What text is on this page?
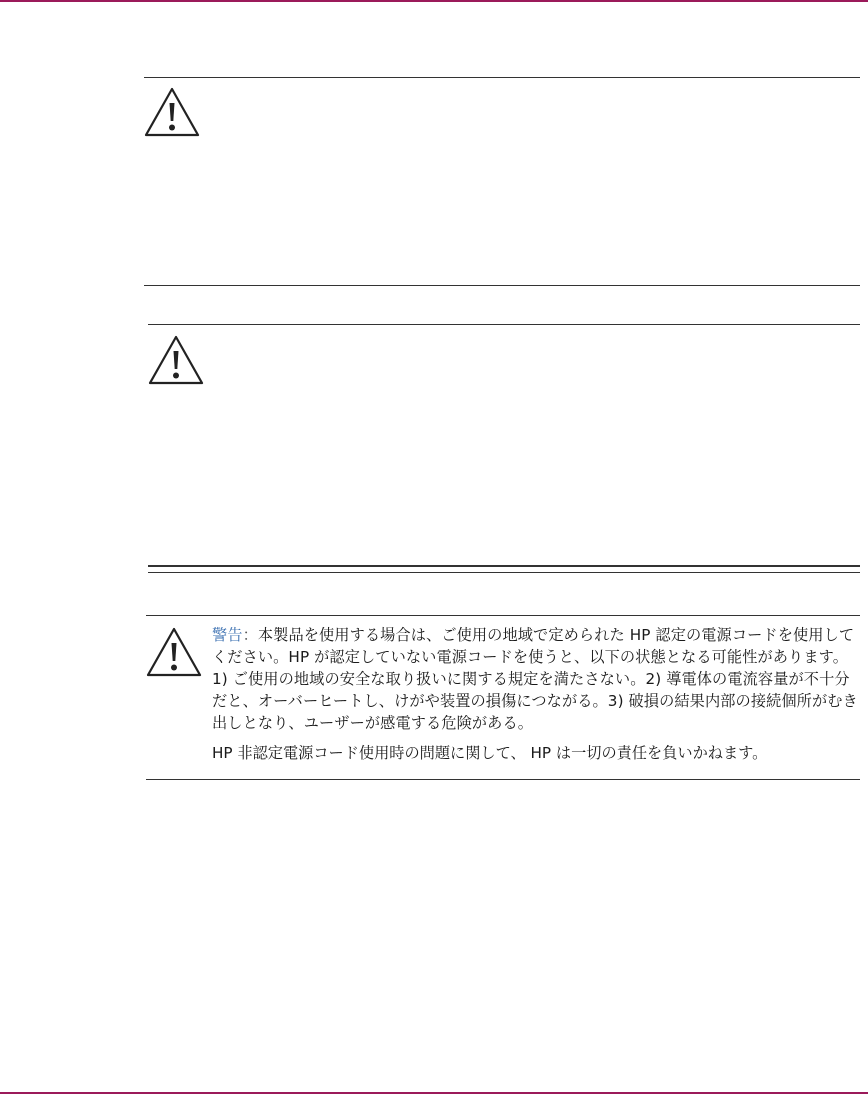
警告：本製品を使用する場合は、ご使用の地域で定められた HP 認定の電源コードを使用してください。HP が認定していない電源コードを使うと、以下の状態となる可能性があります。 1) ご使用の地域の安全な取り扱いに関する規定を満たさない。2) 導電体の電流容量が不十分だと、オーバーヒートし、けがや装置の損傷につながる。3) 破損の結果内部の接続個所がむき出しとなり、ユーザーが感電する危険がある。
HP 非認定電源コード使用時の問題に関して、 HP は一切の責任を負いかねます。
